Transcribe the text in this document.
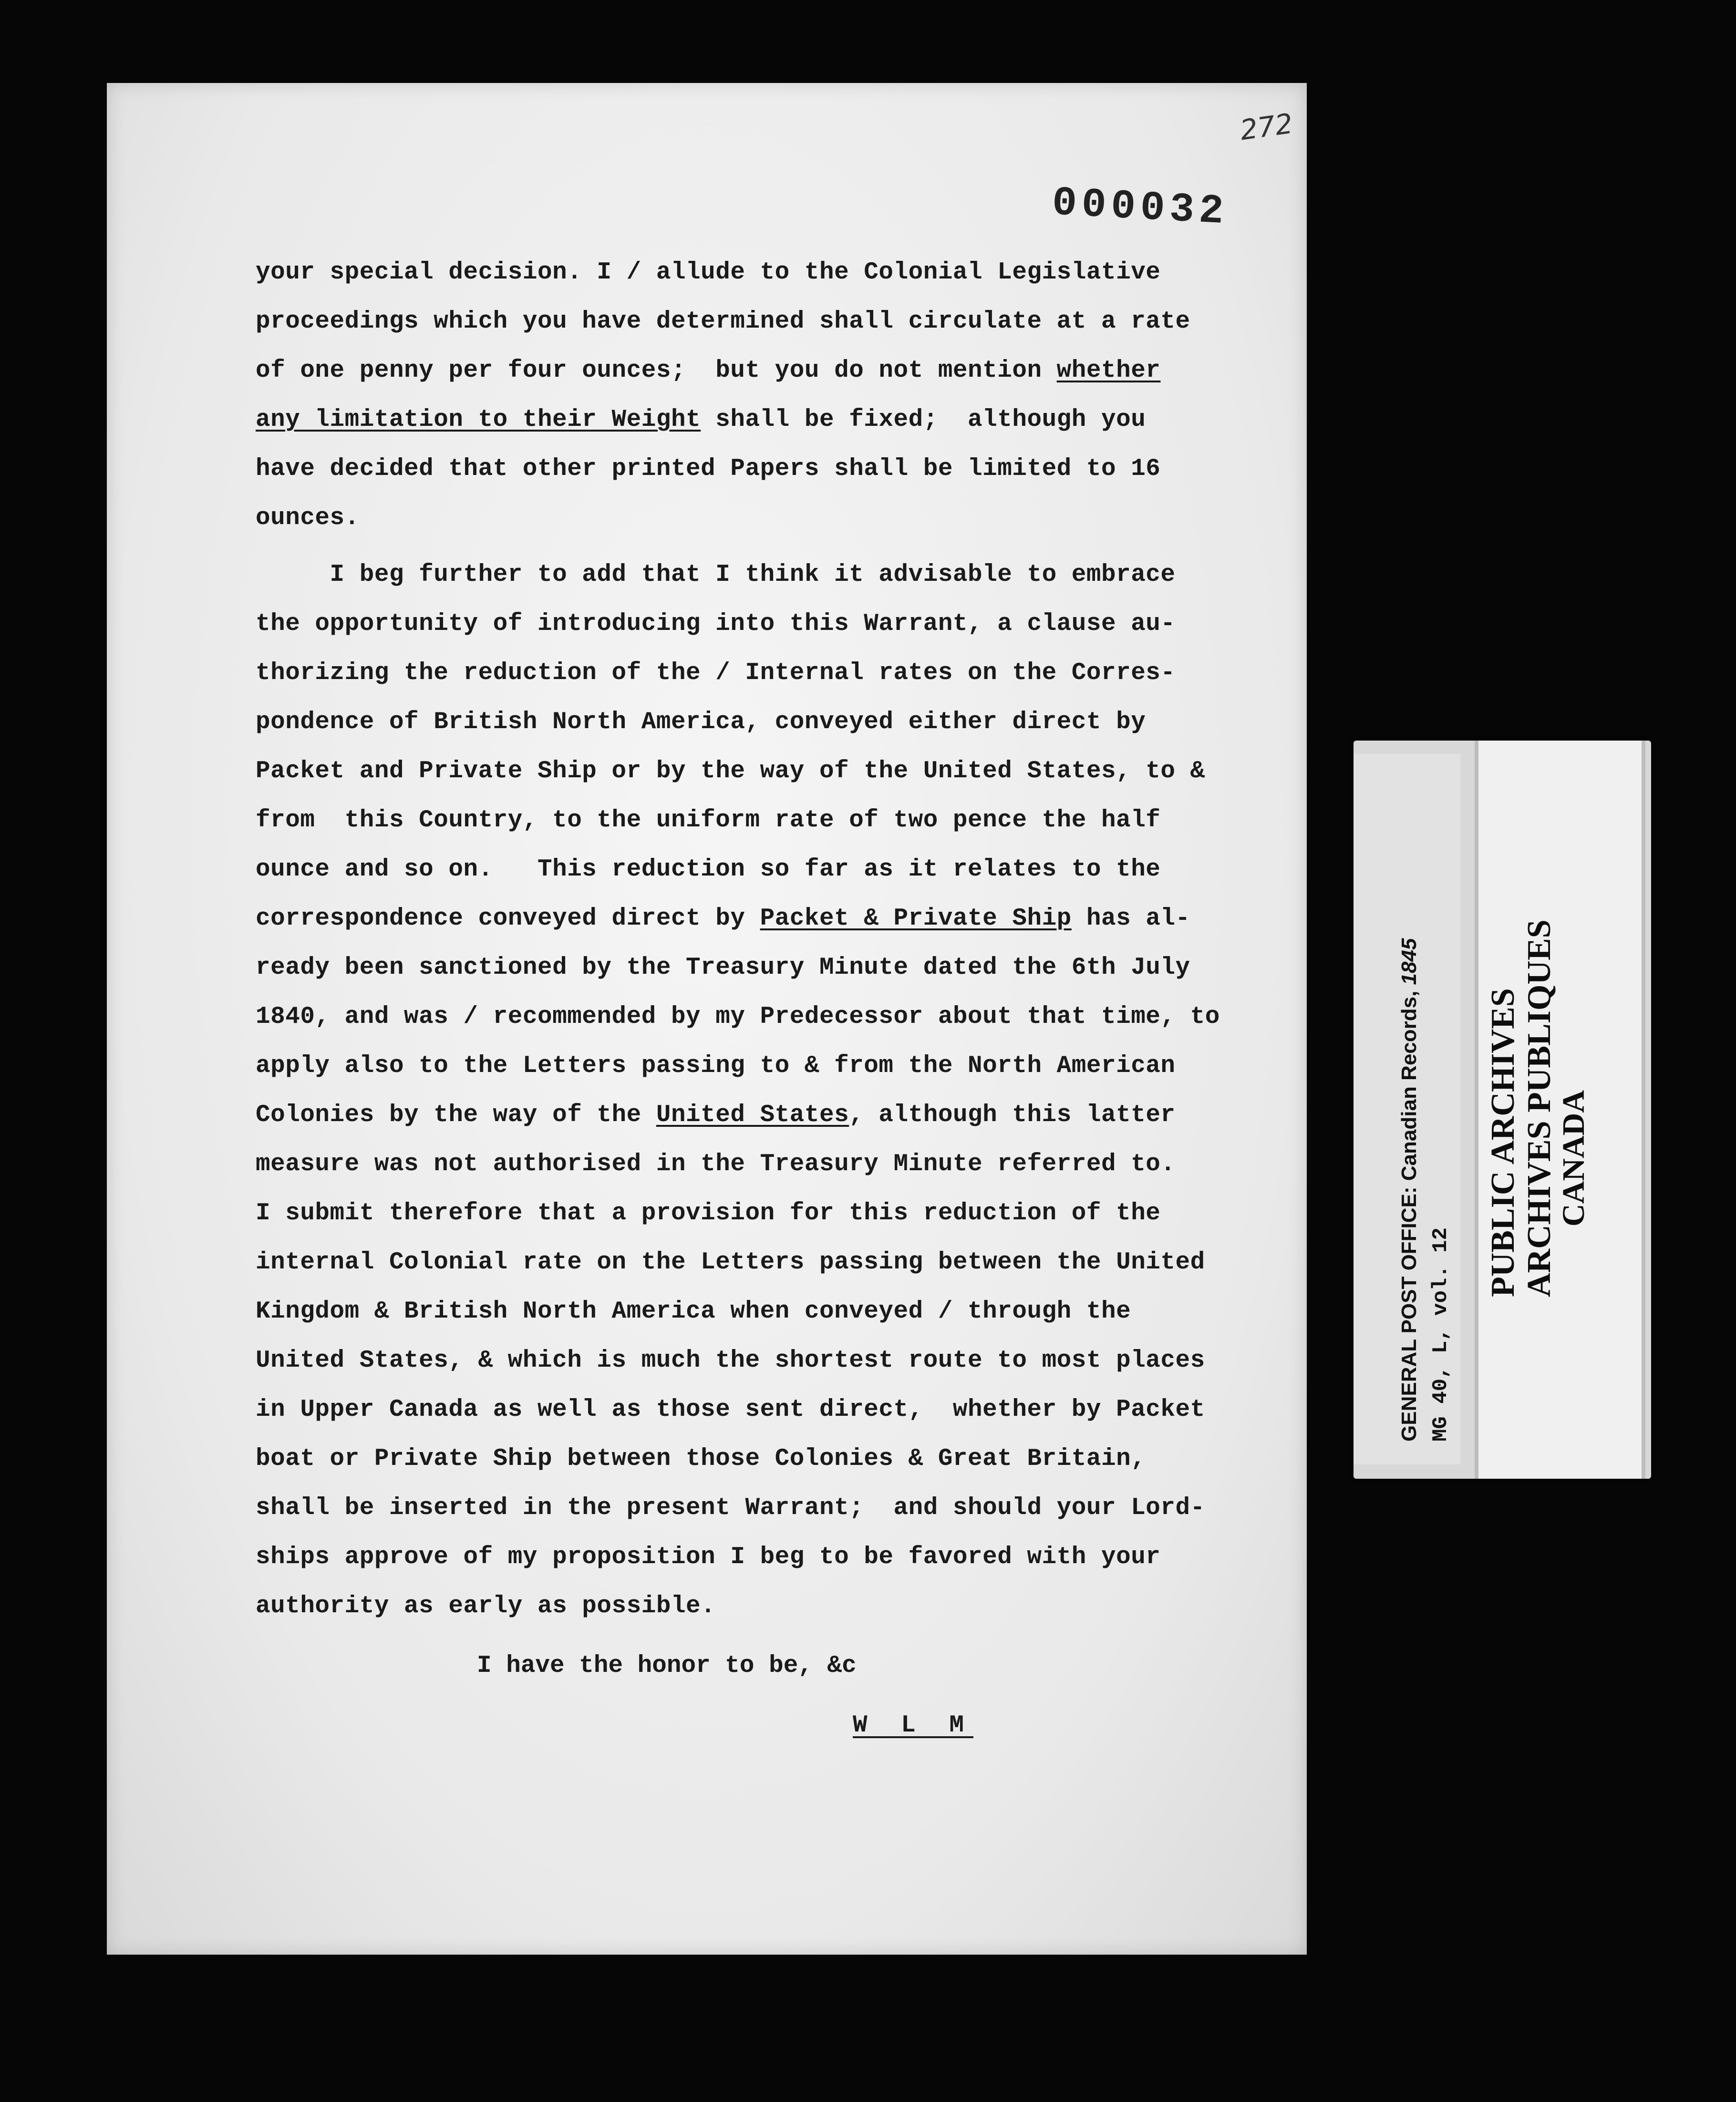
272
000032
your special decision. I / allude to the Colonial Legislative
proceedings which you have determined shall circulate at a rate
of one penny per four ounces;  but you do not mention whether
any limitation to their Weight shall be fixed;  although you
have decided that other printed Papers shall be limited to 16
ounces.
I beg further to add that I think it advisable to embrace
the opportunity of introducing into this Warrant, a clause au-
thorizing the reduction of the / Internal rates on the Corres-
pondence of British North America, conveyed either direct by
Packet and Private Ship or by the way of the United States, to &
from  this Country, to the uniform rate of two pence the half
ounce and so on.   This reduction so far as it relates to the
correspondence conveyed direct by Packet & Private Ship has al-
ready been sanctioned by the Treasury Minute dated the 6th July
1840, and was / recommended by my Predecessor about that time, to
apply also to the Letters passing to & from the North American
Colonies by the way of the United States, although this latter
measure was not authorised in the Treasury Minute referred to.
I submit therefore that a provision for this reduction of the
internal Colonial rate on the Letters passing between the United
Kingdom & British North America when conveyed / through the
United States, & which is much the shortest route to most places
in Upper Canada as well as those sent direct,  whether by Packet
boat or Private Ship between those Colonies & Great Britain,
shall be inserted in the present Warrant;  and should your Lord-
ships approve of my proposition I beg to be favored with your
authority as early as possible.
I have the honor to be, &c
W L M
GENERAL POST OFFICE: Canadian Records, 1845
MG 40, L, vol. 12 PUBLIC ARCHIVES ARCHIVES PUBLIQUES
CANADA
